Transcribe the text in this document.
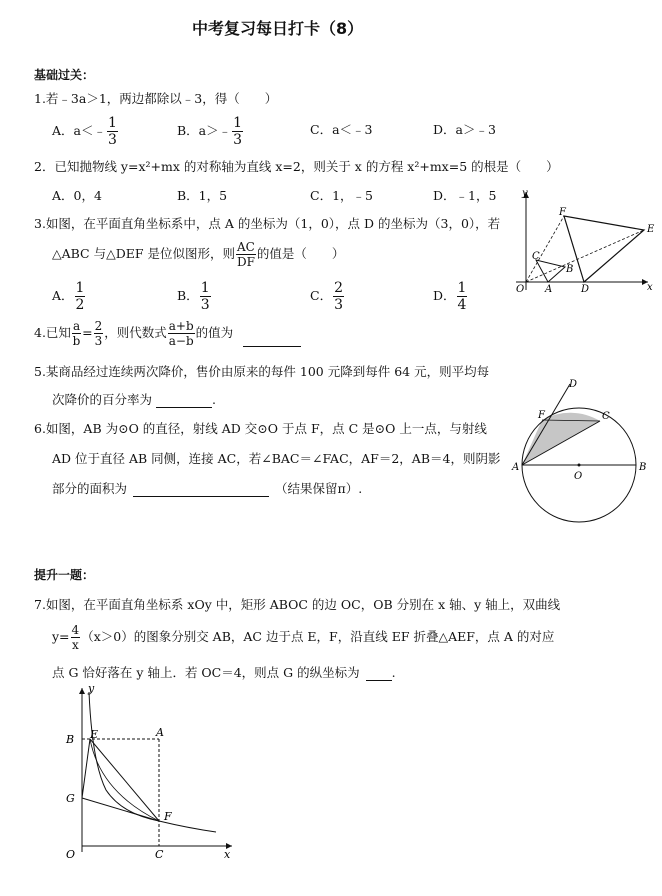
中考复习每日打卡（8）
基础过关：
1.若﹣3a＞1，两边都除以﹣3，得（　　）
A．a＜﹣ $\frac{1}{3}$	B．a＞﹣ $\frac{1}{3}$	C．a＜﹣3	D．a＞﹣3
2．已知抛物线 y=x²+mx 的对称轴为直线 x=2，则关于 x 的方程 x²+mx=5 的根是（　　）
A．0，4	B．1，5	C．1，﹣5	D．﹣1，5
3.如图，在平面直角坐标系中，点 A 的坐标为（1，0），点 D 的坐标为（3，0），若
△ABC 与△DEF 是位似图形，则 $\frac{AC}{DF}$ 的值是（　　）
A． $\frac{1}{2}$	B． $\frac{1}{3}$	C． $\frac{2}{3}$	D． $\frac{1}{4}$
y
x
O A
B
C
D
E
F
4.已知 $\frac{a}{b} = \frac{2}{3}$ ，则代数式 $\frac{a+b}{a-b}$ 的值为
5.某商品经过连续两次降价，售价由原来的每件 100 元降到每件 64 元，则平均每
次降价的百分率为	.
6.如图，AB 为⊙O 的直径，射线 AD 交⊙O 于点 F，点 C 是⊙O 上一点，与射线
AD 位于直径 AB 同侧，连接 AC，若∠BAC＝∠FAC，AF＝2，AB＝4，则阴影
部分的面积为	（结果保留π）.
A	B
C
D
F
O
提升一题：
7.如图，在平面直角坐标系 xOy 中，矩形 ABOC 的边 OC，OB 分别在 x 轴、y 轴上，双曲线
$y= \frac{4}{x} (x>0)$的图象分别交 AB，AC 边于点 E，F，沿直线 EF 折叠△AEF，点 A 的对应
点 G 恰好落在 y 轴上．若 OC＝4，则点 G 的纵坐标为	.
y
x
O
B
A
E
G
F
C
